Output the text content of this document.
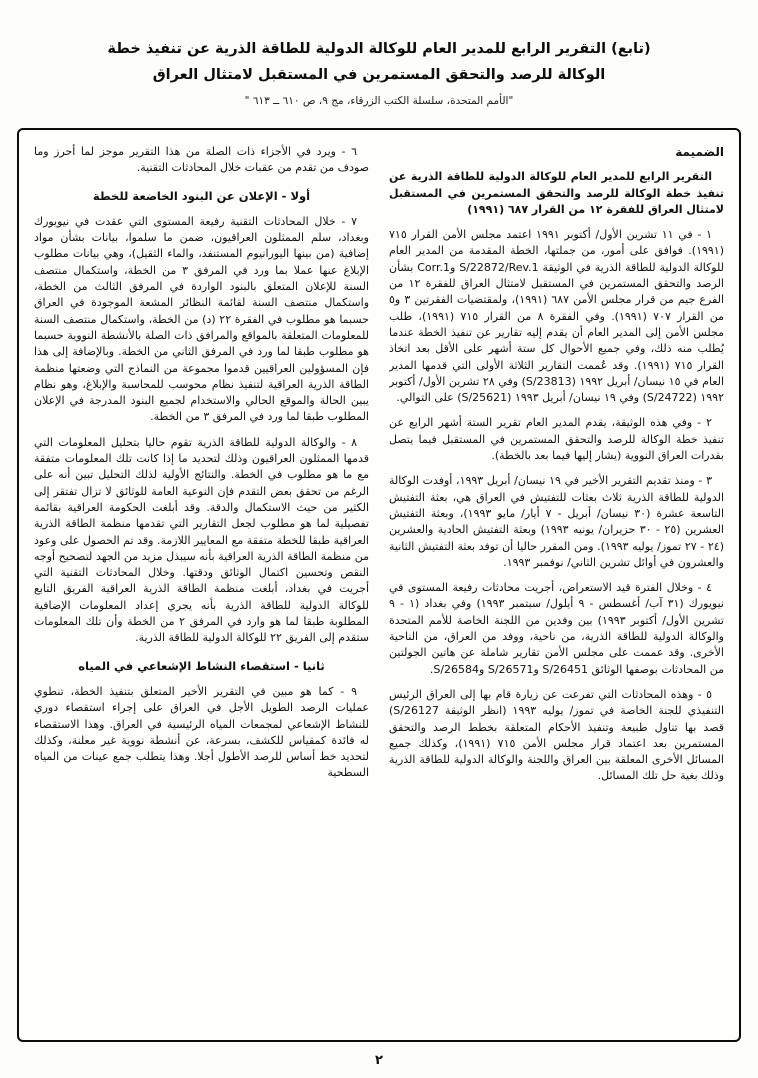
(تابع) التقرير الرابع للمدير العام للوكالة الدولية للطاقة الذرية عن تنفيذ خطة
الوكالة للرصد والتحقق المستمرين في المستقبل لامتثال العراق
"الأمم المتحدة، سلسلة الكتب الزرقاء، مج ٩، ص ٦١٠ ــ ٦١٣ "
الضميمة

التقرير الرابع للمدير العام للوكالة الدولية للطاقة الذرية عن تنفيذ خطة الوكالة للرصد والتحقق المستمرين في المستقبل لامتثال العراق للفقرة ١٢ من القرار ٦٨٧ (١٩٩١)

١ - في ١١ تشرين الأول/ أكتوبر ١٩٩١ اعتمد مجلس الأمن القرار ٧١٥ (١٩٩١). فوافق على أمور، من جملتها، الخطة المقدمة من المدير العام للوكالة الدولية للطاقة الذرية في الوثيقة S/22872/Rev.1 وCorr.1 بشأن الرصد والتحقق المستمرين في المستقبل لامتثال العراق للفقرة ١٢ من الفرع جيم من قرار مجلس الأمن ٦٨٧ (١٩٩١)، ولمقتضيات الفقرتين ٣ و٥ من القرار ٧٠٧ (١٩٩١). وفي الفقرة ٨ من القرار ٧١٥ (١٩٩١)، طلب مجلس الأمن إلى المدير العام أن يقدم إليه تقارير عن تنفيذ الخطة عندما يُطلب منه ذلك، وفي جميع الأحوال كل ستة أشهر على الأقل بعد اتخاذ القرار ٧١٥ (١٩٩١). وقد عُممت التقارير الثلاثة الأولى التي قدمها المدير العام في ١٥ نيسان/ أبريل ١٩٩٢ (S/23813) وفي ٢٨ تشرين الأول/ أكتوبر ١٩٩٢ (S/24722) وفي ١٩ نيسان/ أبريل ١٩٩٣ (S/25621) على التوالي.

٢ - وفي هذه الوثيقة، يقدم المدير العام تقرير الستة أشهر الرابع عن تنفيذ خطة الوكالة للرصد والتحقق المستمرين في المستقبل فيما يتصل بقدرات العراق النووية (يشار إليها فيما بعد بالخطة).

٣ - ومنذ تقديم التقرير الأخير في ١٩ نيسان/ أبريل ١٩٩٣، أوفدت الوكالة الدولية للطاقة الذرية ثلاث بعثات للتفتيش في العراق هي، بعثة التفتيش التاسعة عشرة (٣٠ نيسان/ أبريل - ٧ أيار/ مايو ١٩٩٣)، وبعثة التفتيش العشرين (٢٥ - ٣٠ حزيران/ يونيه ١٩٩٣) وبعثة التفتيش الحادية والعشرين (٢٤ - ٢٧ تموز/ يوليه ١٩٩٣). ومن المقرر حاليا أن توفد بعثة التفتيش الثانية والعشرون في أوائل تشرين الثاني/ نوفمبر ١٩٩٣.

٤ - وخلال الفترة قيد الاستعراض، أجريت محادثات رفيعة المستوى في نيويورك (٣١ آب/ أغسطس - ٩ أيلول/ سبتمبر ١٩٩٣) وفي بغداد (١ - ٩ تشرين الأول/ أكتوبر ١٩٩٣) بين وفدين من اللجنة الخاصة للأمم المتحدة والوكالة الدولية للطاقة الذرية، من ناحية، ووفد من العراق، من الناحية الأخرى. وقد عممت على مجلس الأمن تقارير شاملة عن هاتين الجولتين من المحادثات بوصفها الوثائق S/26451 وS/26571 وS/26584.

٥ - وهذه المحادثات التي تفرعت عن زيارة قام بها إلى العراق الرئيس التنفيذي للجنة الخاصة في تموز/ يوليه ١٩٩٣ (انظر الوثيقة S/26127) قصد بها تناول طبيعة وتنفيذ الأحكام المتعلقة بخطط الرصد والتحقق المستمرين بعد اعتماد قرار مجلس الأمن ٧١٥ (١٩٩١)، وكذلك جميع المسائل الأخرى المعلقة بين العراق واللجنة والوكالة الدولية للطاقة الذرية وذلك بغية حل تلك المسائل.

٦ - ويرد في الأجزاء ذات الصلة من هذا التقرير موجز لما أحرز وما صودف من تقدم من عقبات خلال المحادثات التقنية.

أولا - الإعلان عن البنود الخاضعة للخطة

٧ - خلال المحادثات التقنية رفيعة المستوى التي عقدت في نيويورك وبغداد، سلم الممثلون العراقيون، ضمن ما سلموا، بيانات بشأن مواد إضافية (من بينها اليورانيوم المستنفد، والماء الثقيل)، وهي بيانات مطلوب الإبلاغ عنها عملا بما ورد في المرفق ٣ من الخطة، واستكمال منتصف السنة للإعلان المتعلق بالبنود الواردة في المرفق الثالث من الخطة، واستكمال منتصف السنة لقائمة النظائر المشعة الموجودة في العراق حسبما هو مطلوب في الفقرة ٢٢ (د) من الخطة، واستكمال منتصف السنة للمعلومات المتعلقة بالمواقع والمرافق ذات الصلة بالأنشطة النووية حسبما هو مطلوب طبقا لما ورد في المرفق الثاني من الخطة. وبالإضافة إلى هذا فإن المسؤولين العراقيين قدموا مجموعة من النماذج التي وضعتها منظمة الطاقة الذرية العراقية لتنفيذ نظام محوسب للمحاسبة والإبلاغ، وهو نظام يبين الحالة والموقع الحالي والاستخدام لجميع البنود المدرجة في الإعلان المطلوب طبقا لما ورد في المرفق ٣ من الخطة.

٨ - والوكالة الدولية للطاقة الذرية تقوم حاليا بتحليل المعلومات التي قدمها الممثلون العراقيون وذلك لتحديد ما إذا كانت تلك المعلومات متفقة مع ما هو مطلوب في الخطة. والنتائج الأولية لذلك التحليل تبين أنه على الرغم من تحقق بعض التقدم فإن النوعية العامة للوثائق لا تزال تفتقر إلى الكثير من حيث الاستكمال والدقة. وقد أبلغت الحكومة العراقية بقائمة تفصيلية لما هو مطلوب لجعل التقارير التي تقدمها منظمة الطاقة الذرية العراقية طبقا للخطة متفقة مع المعايير اللازمة. وقد تم الحصول على وعود من منظمة الطاقة الذرية العراقية بأنه سيبذل مزيد من الجهد لتصحيح أوجه النقص وتحسين اكتمال الوثائق ودقتها. وخلال المحادثات التقنية التي أجريت في بغداد، أبلغت منظمة الطاقة الذرية العراقية الفريق التابع للوكالة الدولية للطاقة الذرية بأنه يجري إعداد المعلومات الإضافية المطلوبة طبقا لما هو وارد في المرفق ٢ من الخطة وأن تلك المعلومات ستقدم إلى الفريق ٢٢ للوكالة الدولية للطاقة الذرية.

ثانيا - استقصاء النشاط الإشعاعي في المياه

٩ - كما هو مبين في التقرير الأخير المتعلق بتنفيذ الخطة، تنطوي عمليات الرصد الطويل الأجل في العراق على إجراء استقصاء دوري للنشاط الإشعاعي لمجمعات المياه الرئيسية في العراق. وهذا الاستقصاء له فائدة كمقياس للكشف، بسرعة، عن أنشطة نووية غير معلنة، وكذلك لتحديد خط أساس للرصد الأطول أجلا. وهذا يتطلب جمع عينات من المياه السطحية

٢
